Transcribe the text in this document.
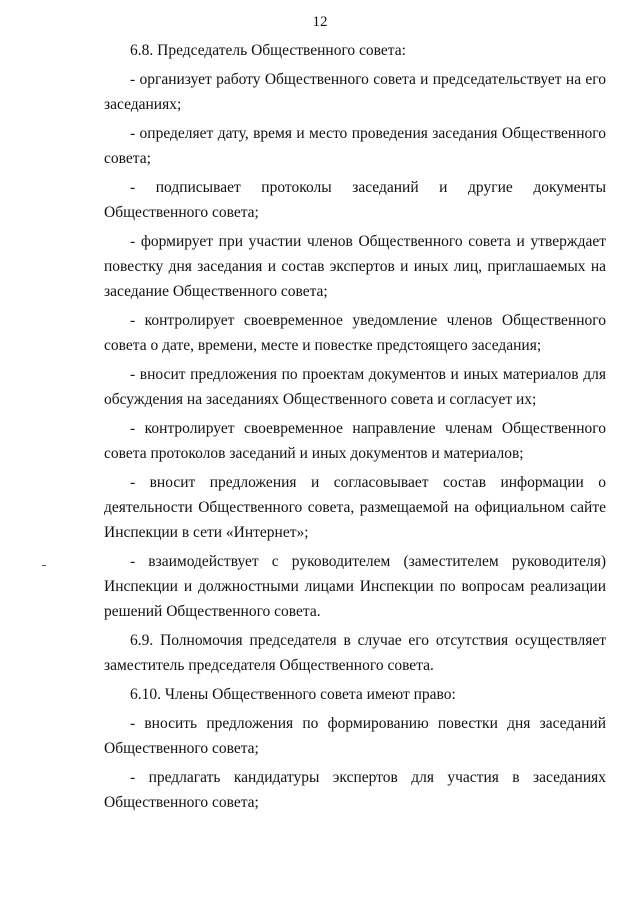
12

6.8. Председатель Общественного совета:

- организует работу Общественного совета и председательствует на его заседаниях;

- определяет дату, время и место проведения заседания Общественного совета;

- подписывает протоколы заседаний и другие документы Общественного совета;

- формирует при участии членов Общественного совета и утверждает повестку дня заседания и состав экспертов и иных лиц, приглашаемых на заседание Общественного совета;

- контролирует своевременное уведомление членов Общественного совета о дате, времени, месте и повестке предстоящего заседания;

- вносит предложения по проектам документов и иных материалов для обсуждения на заседаниях Общественного совета и согласует их;

- контролирует своевременное направление членам Общественного совета протоколов заседаний и иных документов и материалов;

- вносит предложения и согласовывает состав информации о деятельности Общественного совета, размещаемой на официальном сайте Инспекции в сети «Интернет»;

- взаимодействует с руководителем (заместителем руководителя) Инспекции и должностными лицами Инспекции по вопросам реализации решений Общественного совета.

6.9. Полномочия председателя в случае его отсутствия осуществляет заместитель председателя Общественного совета.

6.10. Члены Общественного совета имеют право:

- вносить предложения по формированию повестки дня заседаний Общественного совета;

- предлагать кандидатуры экспертов для участия в заседаниях Общественного совета;
